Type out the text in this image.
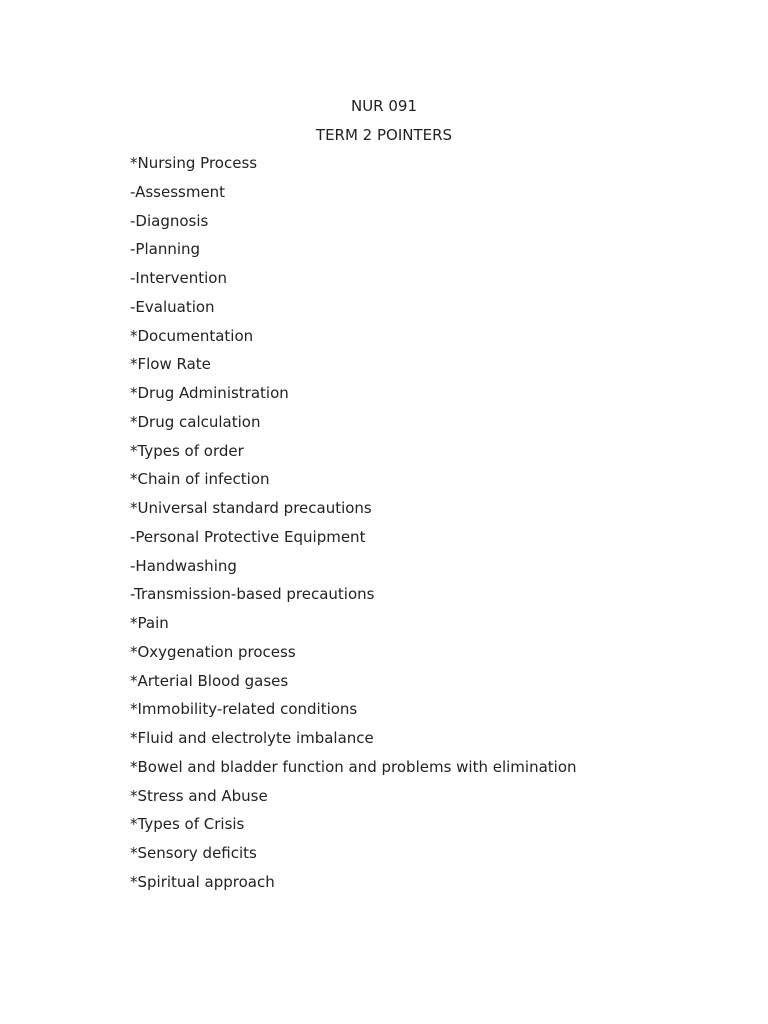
NUR 091
TERM 2 POINTERS
*Nursing Process
-Assessment
-Diagnosis
-Planning
-Intervention
-Evaluation
*Documentation
*Flow Rate
*Drug Administration
*Drug calculation
*Types of order
*Chain of infection
*Universal standard precautions
-Personal Protective Equipment
-Handwashing
-Transmission-based precautions
*Pain
*Oxygenation process
*Arterial Blood gases
*Immobility-related conditions
*Fluid and electrolyte imbalance
*Bowel and bladder function and problems with elimination
*Stress and Abuse
*Types of Crisis
*Sensory deficits
*Spiritual approach
